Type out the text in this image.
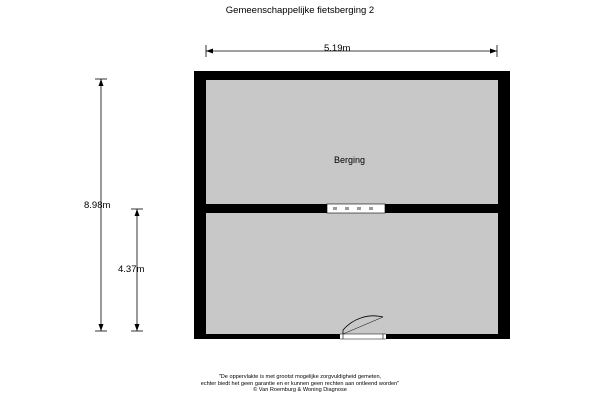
Gemeenschappelijke fietsberging 2
5.19m
8.98m
4.37m
Berging
"De oppervlakte is met grootst mogelijke zorgvuldigheid gemeten,
echter biedt het geen garantie en er kunnen geen rechten aan ontleend worden"
© Van Roemburg & Woning Diagnose
